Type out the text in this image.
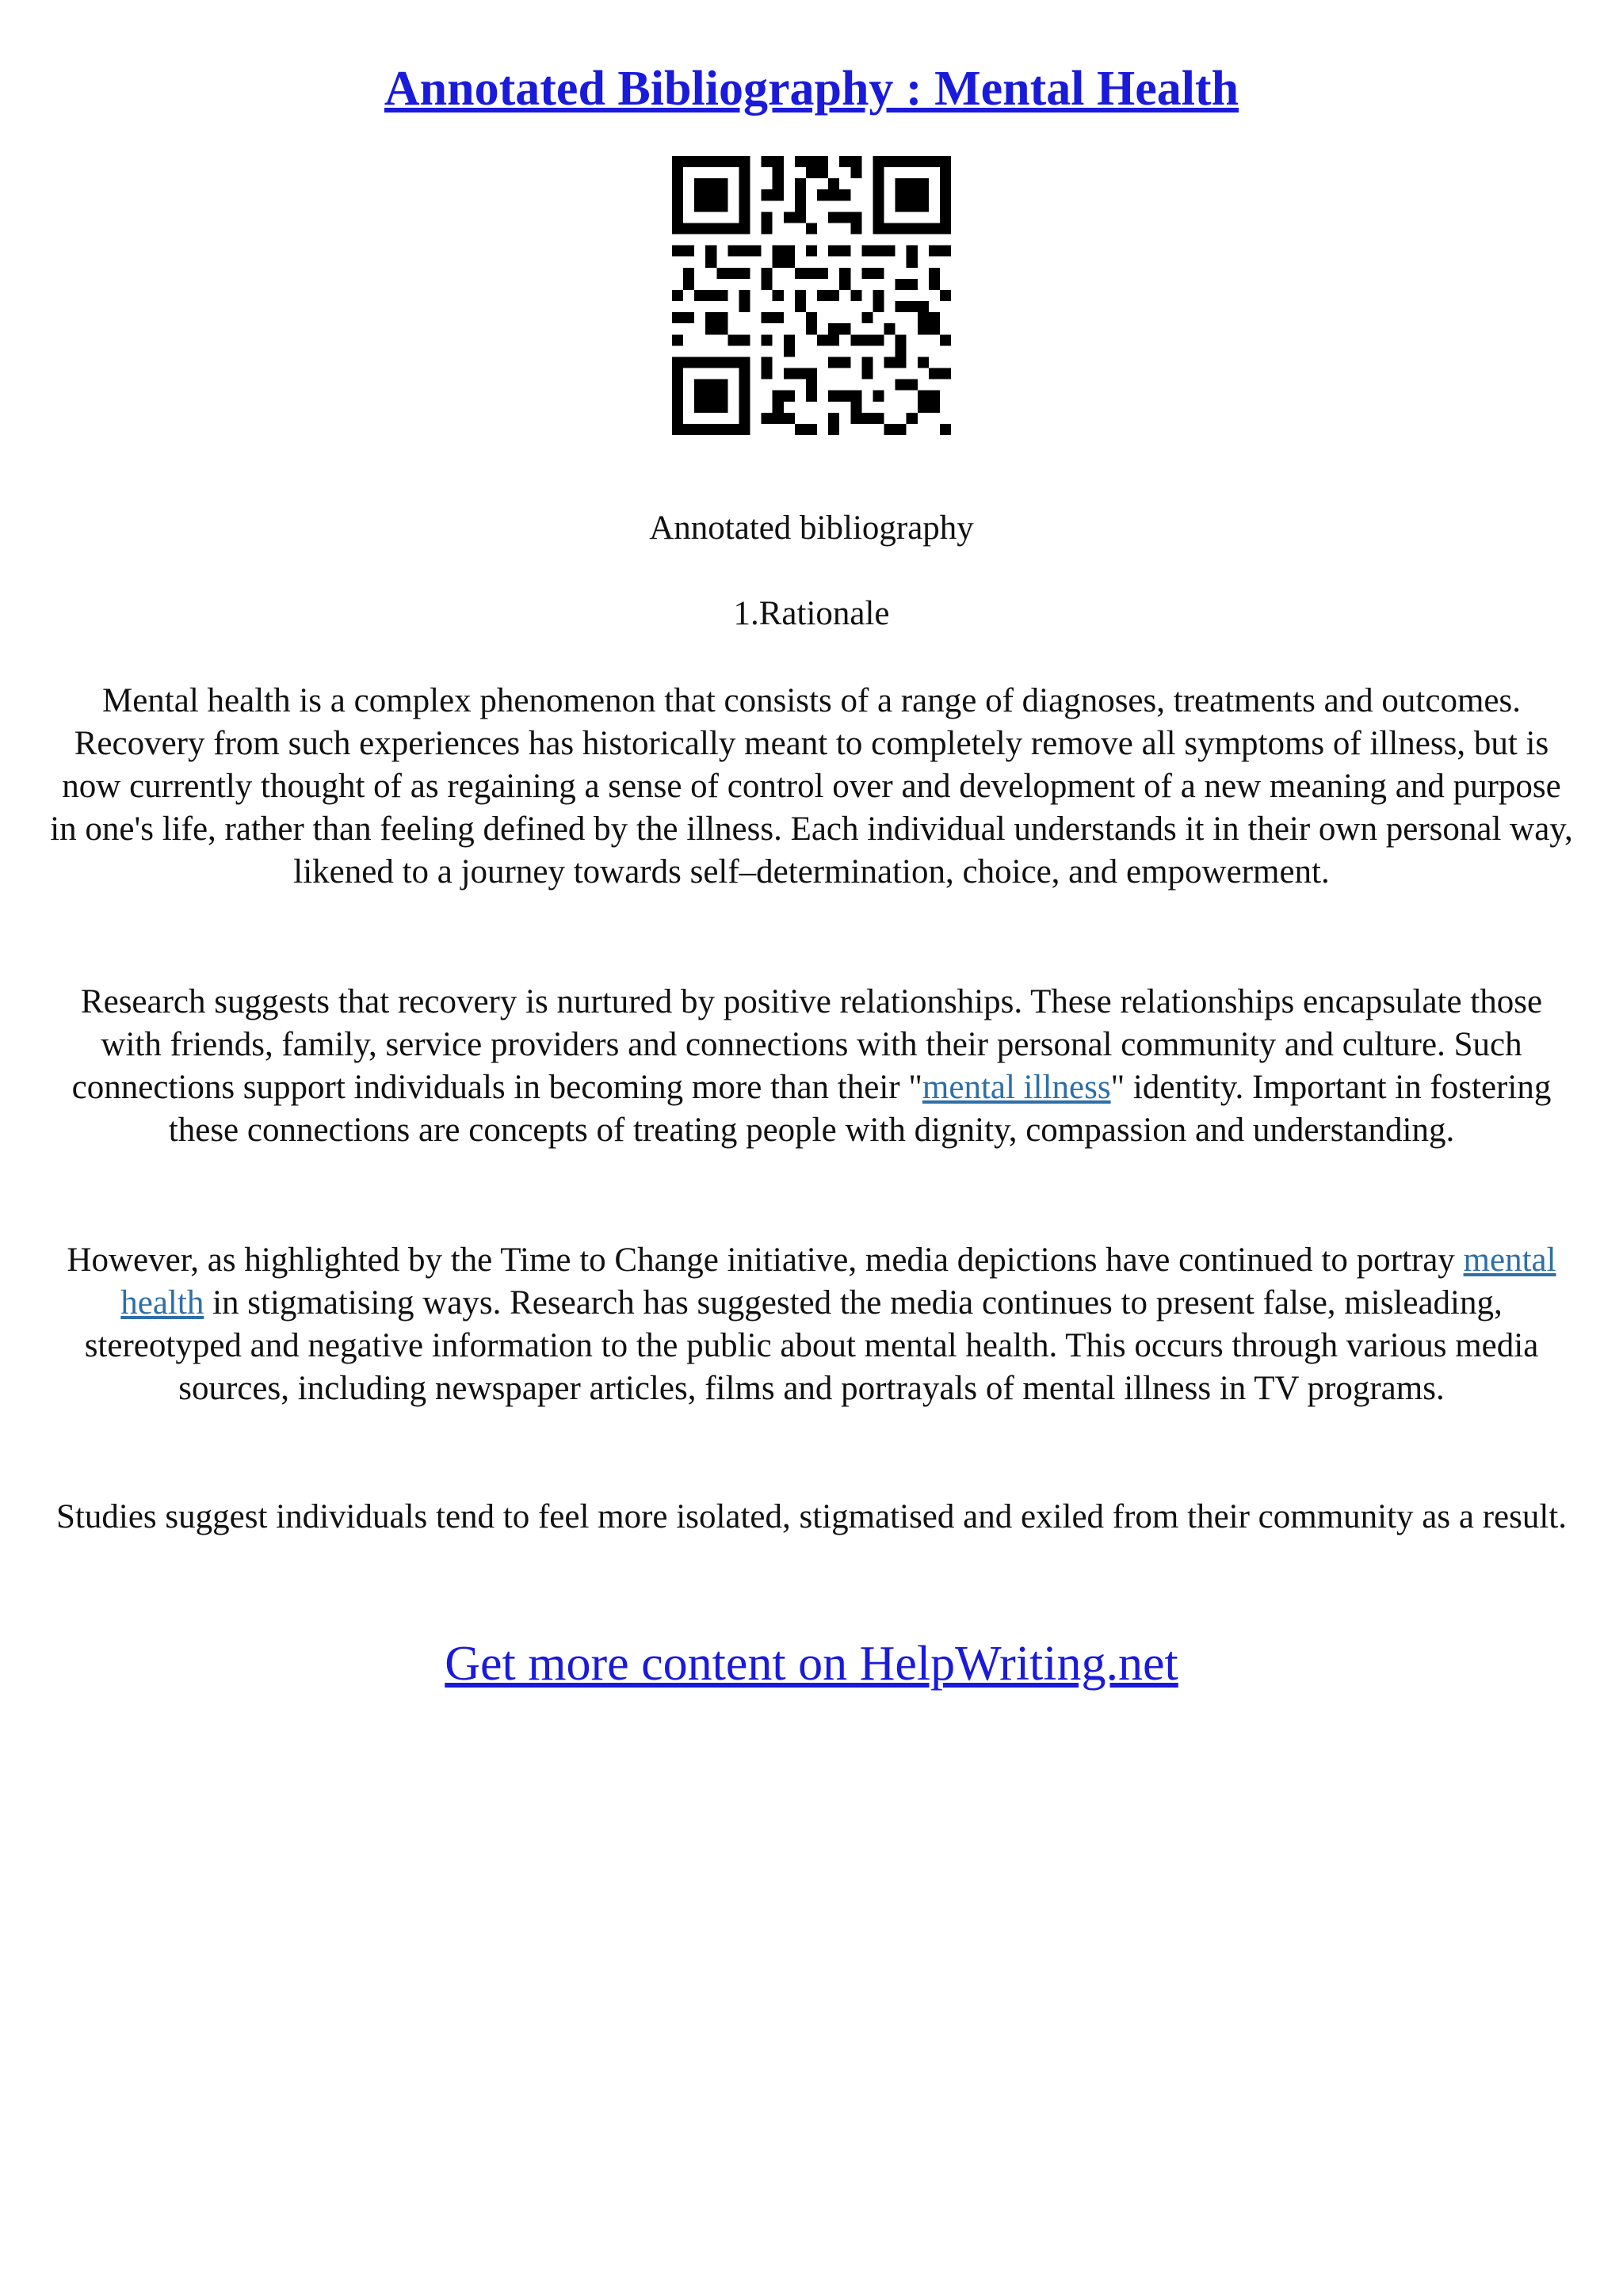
Annotated Bibliography : Mental Health
Annotated bibliography
1.Rationale
Mental health is a complex phenomenon that consists of a range of diagnoses, treatments and outcomes. Recovery from such experiences has historically meant to completely remove all symptoms of illness, but is now currently thought of as regaining a sense of control over and development of a new meaning and purpose in one's life, rather than feeling defined by the illness. Each individual understands it in their own personal way, likened to a journey towards self–determination, choice, and empowerment.
Research suggests that recovery is nurtured by positive relationships. These relationships encapsulate those with friends, family, service providers and connections with their personal community and culture. Such connections support individuals in becoming more than their "mental illness" identity. Important in fostering these connections are concepts of treating people with dignity, compassion and understanding.
However, as highlighted by the Time to Change initiative, media depictions have continued to portray mental health in stigmatising ways. Research has suggested the media continues to present false, misleading, stereotyped and negative information to the public about mental health. This occurs through various media sources, including newspaper articles, films and portrayals of mental illness in TV programs.
Studies suggest individuals tend to feel more isolated, stigmatised and exiled from their community as a result.
Get more content on HelpWriting.net
